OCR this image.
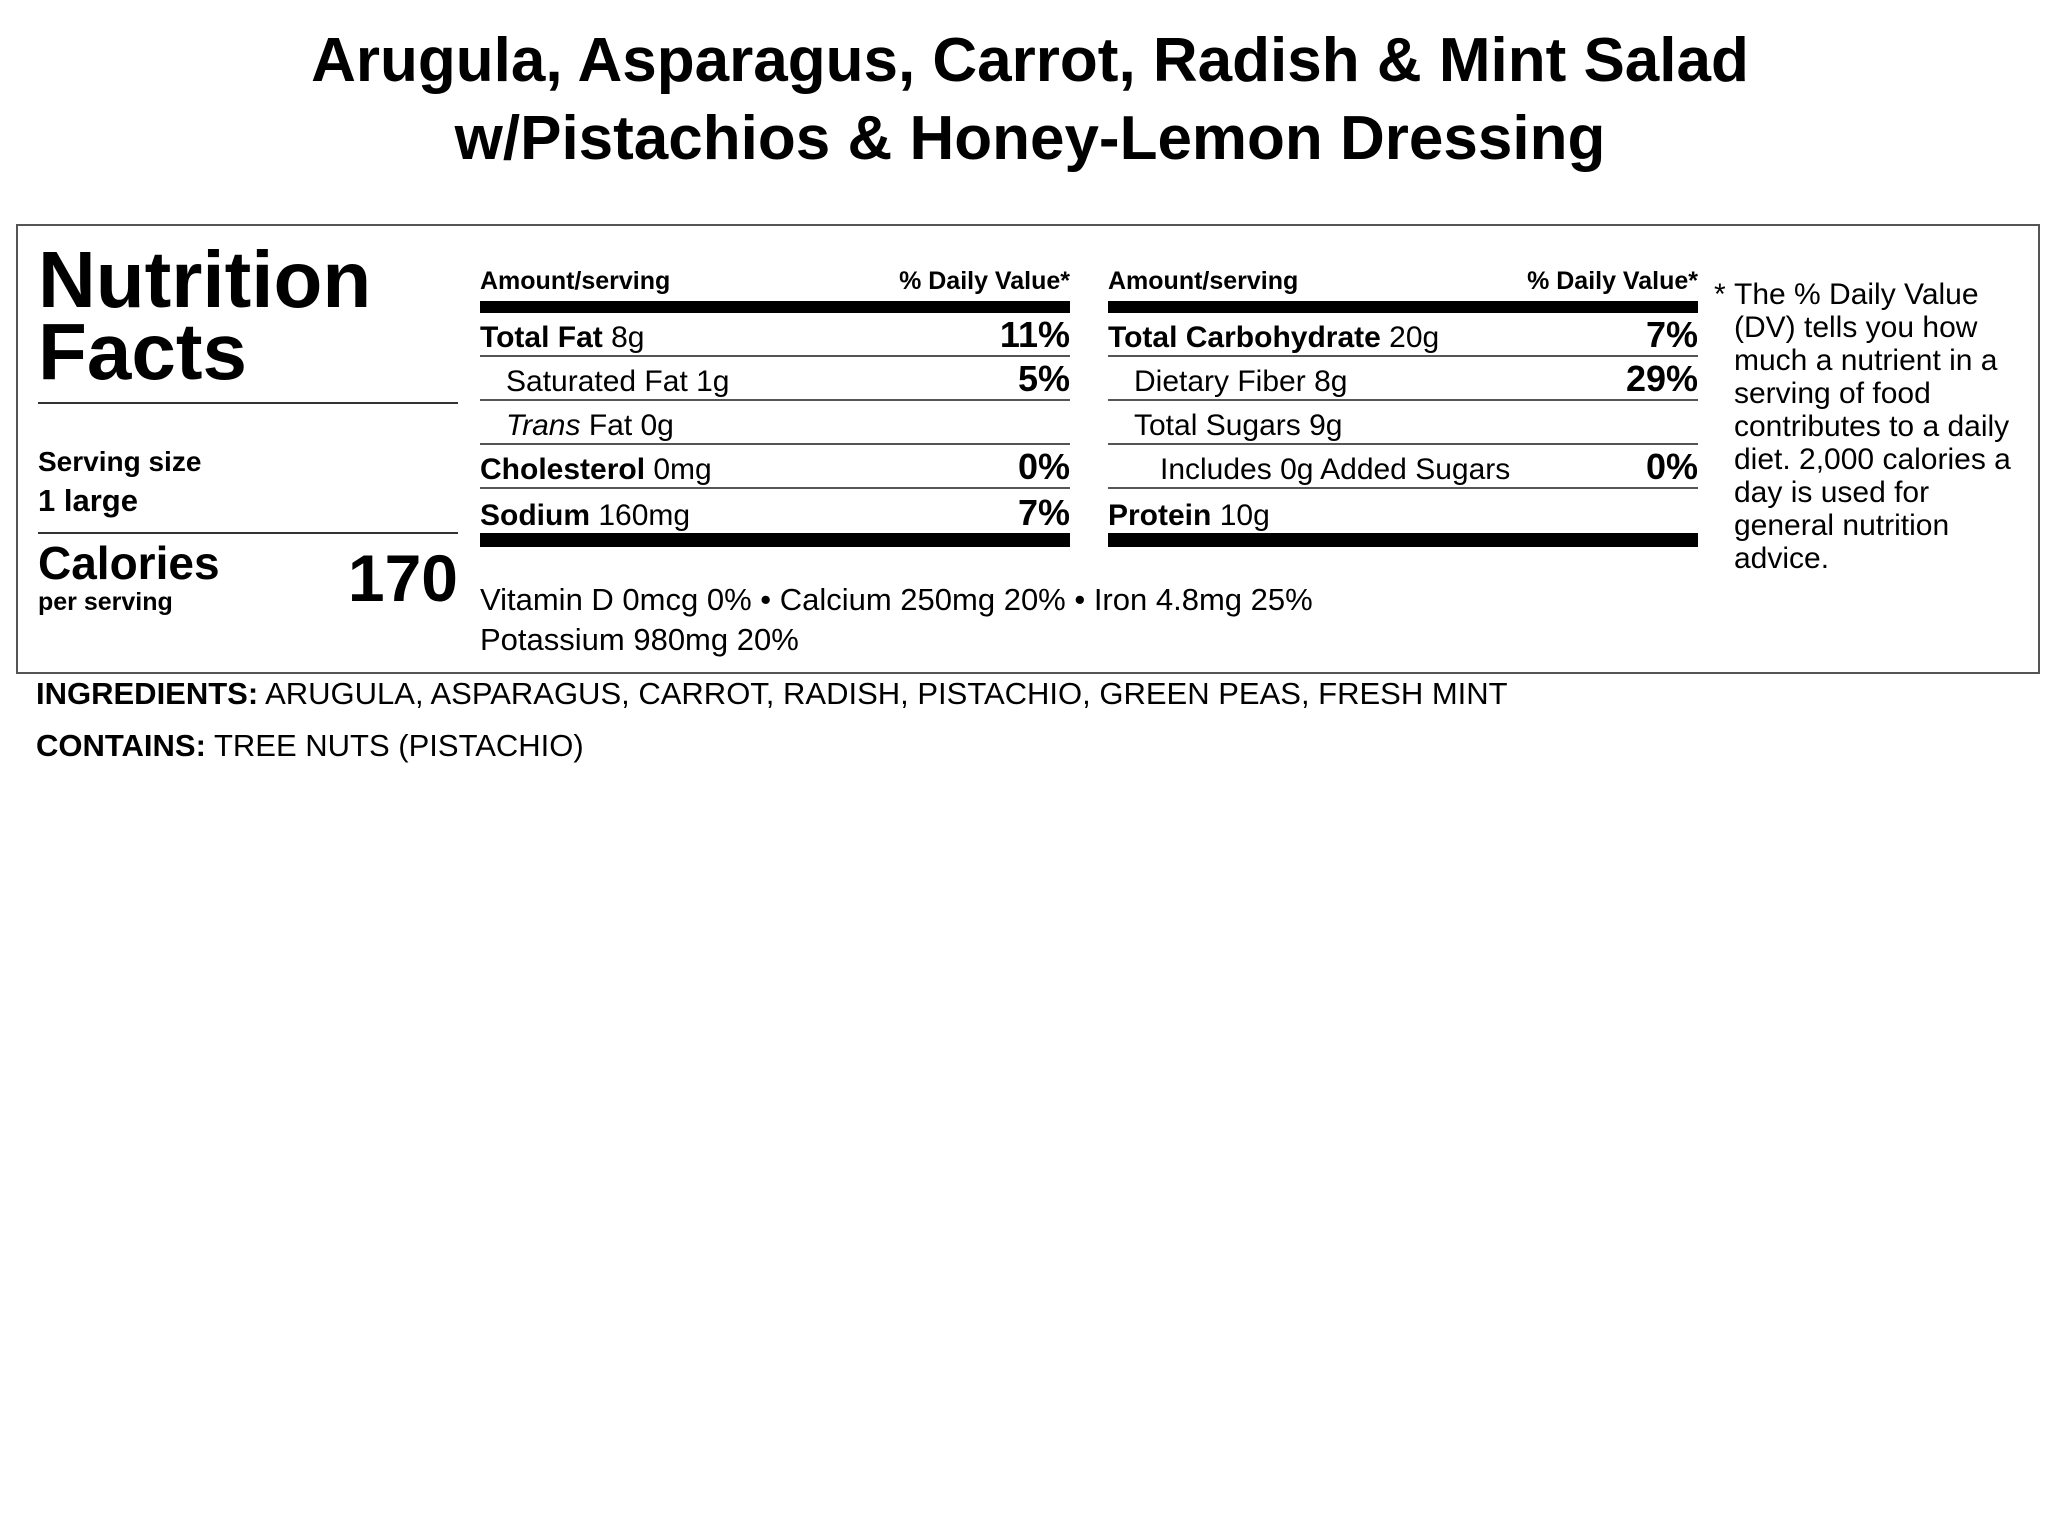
Arugula, Asparagus, Carrot, Radish & Mint Salad
w/Pistachios & Honey-Lemon Dressing
Nutrition
Facts
Serving size
1 large
Calories
per serving	170
Amount/serving	% Daily Value*
Total Fat 8g	11%
Saturated Fat 1g	5%
Trans Fat 0g
Cholesterol 0mg	0%
Sodium 160mg	7%
Amount/serving	% Daily Value*
Total Carbohydrate 20g	7%
Dietary Fiber 8g	29%
Total Sugars 9g
Includes 0g Added Sugars	0%
Protein 10g
Vitamin D 0mcg 0% • Calcium 250mg 20% • Iron 4.8mg 25%
Potassium 980mg 20%
* The % Daily Value (DV) tells you how much a nutrient in a serving of food contributes to a daily diet. 2,000 calories a day is used for general nutrition advice.
INGREDIENTS: ARUGULA, ASPARAGUS, CARROT, RADISH, PISTACHIO, GREEN PEAS, FRESH MINT
CONTAINS: TREE NUTS (PISTACHIO)
